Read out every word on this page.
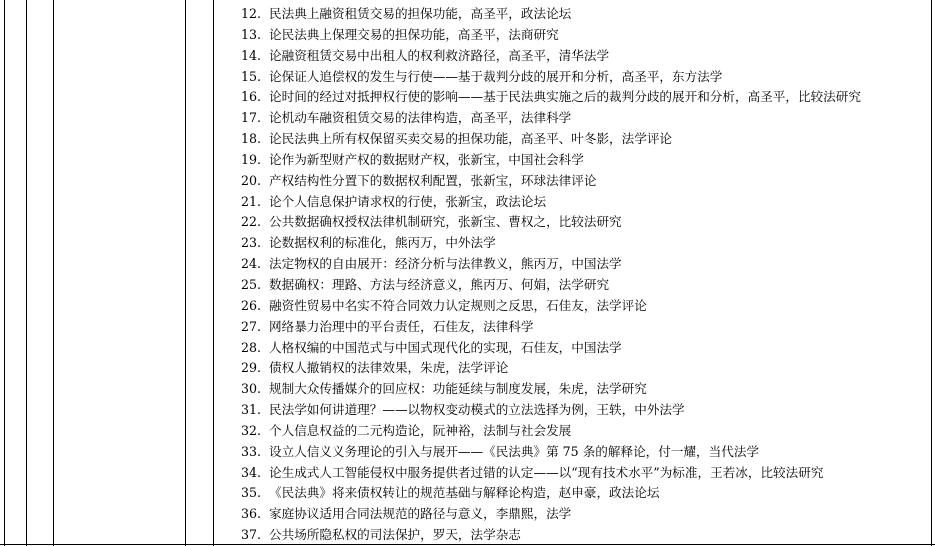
12. 民法典上融资租赁交易的担保功能，高圣平，政法论坛
13. 论民法典上保理交易的担保功能，高圣平，法商研究
14. 论融资租赁交易中出租人的权利救济路径，高圣平，清华法学
15. 论保证人追偿权的发生与行使——基于裁判分歧的展开和分析，高圣平，东方法学
16. 论时间的经过对抵押权行使的影响——基于民法典实施之后的裁判分歧的展开和分析，高圣平，比较法研究
17. 论机动车融资租赁交易的法律构造，高圣平，法律科学
18. 论民法典上所有权保留买卖交易的担保功能，高圣平、叶冬影，法学评论
19. 论作为新型财产权的数据财产权，张新宝，中国社会科学
20. 产权结构性分置下的数据权利配置，张新宝，环球法律评论
21. 论个人信息保护请求权的行使，张新宝，政法论坛
22. 公共数据确权授权法律机制研究，张新宝、曹权之，比较法研究
23. 论数据权利的标准化，熊丙万，中外法学
24. 法定物权的自由展开：经济分析与法律教义，熊丙万，中国法学
25. 数据确权：理路、方法与经济意义，熊丙万、何娟，法学研究
26. 融资性贸易中名实不符合同效力认定规则之反思，石佳友，法学评论
27. 网络暴力治理中的平台责任，石佳友，法律科学
28. 人格权编的中国范式与中国式现代化的实现，石佳友，中国法学
29. 债权人撤销权的法律效果，朱虎，法学评论
30. 规制大众传播媒介的回应权：功能延续与制度发展，朱虎，法学研究
31. 民法学如何讲道理？——以物权变动模式的立法选择为例，王轶，中外法学
32. 个人信息权益的二元构造论，阮神裕，法制与社会发展
33. 设立人信义义务理论的引入与展开——《民法典》第 75 条的解释论，付一耀，当代法学
34. 论生成式人工智能侵权中服务提供者过错的认定——以“现有技术水平”为标准，王若冰，比较法研究
35. 《民法典》将来债权转让的规范基础与解释论构造，赵申豪，政法论坛
36. 家庭协议适用合同法规范的路径与意义，李鼎熙，法学
37. 公共场所隐私权的司法保护，罗天，法学杂志
